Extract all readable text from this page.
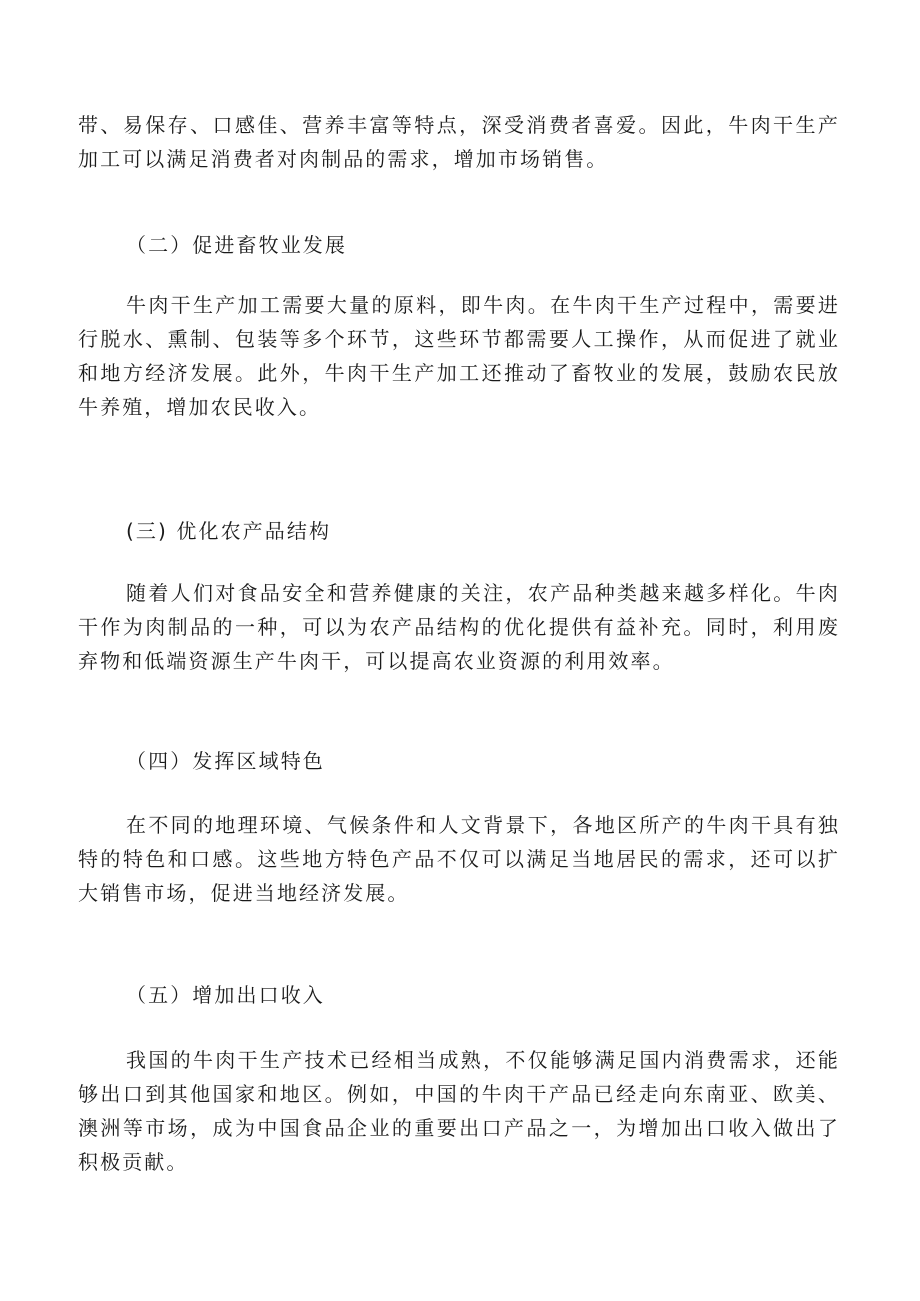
带、易保存、口感佳、营养丰富等特点，深受消费者喜爱。因此，牛肉干生产加工可以满足消费者对肉制品的需求，增加市场销售。

（二）促进畜牧业发展

牛肉干生产加工需要大量的原料，即牛肉。在牛肉干生产过程中，需要进行脱水、熏制、包装等多个环节，这些环节都需要人工操作，从而促进了就业和地方经济发展。此外，牛肉干生产加工还推动了畜牧业的发展，鼓励农民放牛养殖，增加农民收入。

(三) 优化农产品结构

随着人们对食品安全和营养健康的关注，农产品种类越来越多样化。牛肉干作为肉制品的一种，可以为农产品结构的优化提供有益补充。同时，利用废弃物和低端资源生产牛肉干，可以提高农业资源的利用效率。

（四）发挥区域特色

在不同的地理环境、气候条件和人文背景下，各地区所产的牛肉干具有独特的特色和口感。这些地方特色产品不仅可以满足当地居民的需求，还可以扩大销售市场，促进当地经济发展。

（五）增加出口收入

我国的牛肉干生产技术已经相当成熟，不仅能够满足国内消费需求，还能够出口到其他国家和地区。例如，中国的牛肉干产品已经走向东南亚、欧美、澳洲等市场，成为中国食品企业的重要出口产品之一，为增加出口收入做出了积极贡献。
